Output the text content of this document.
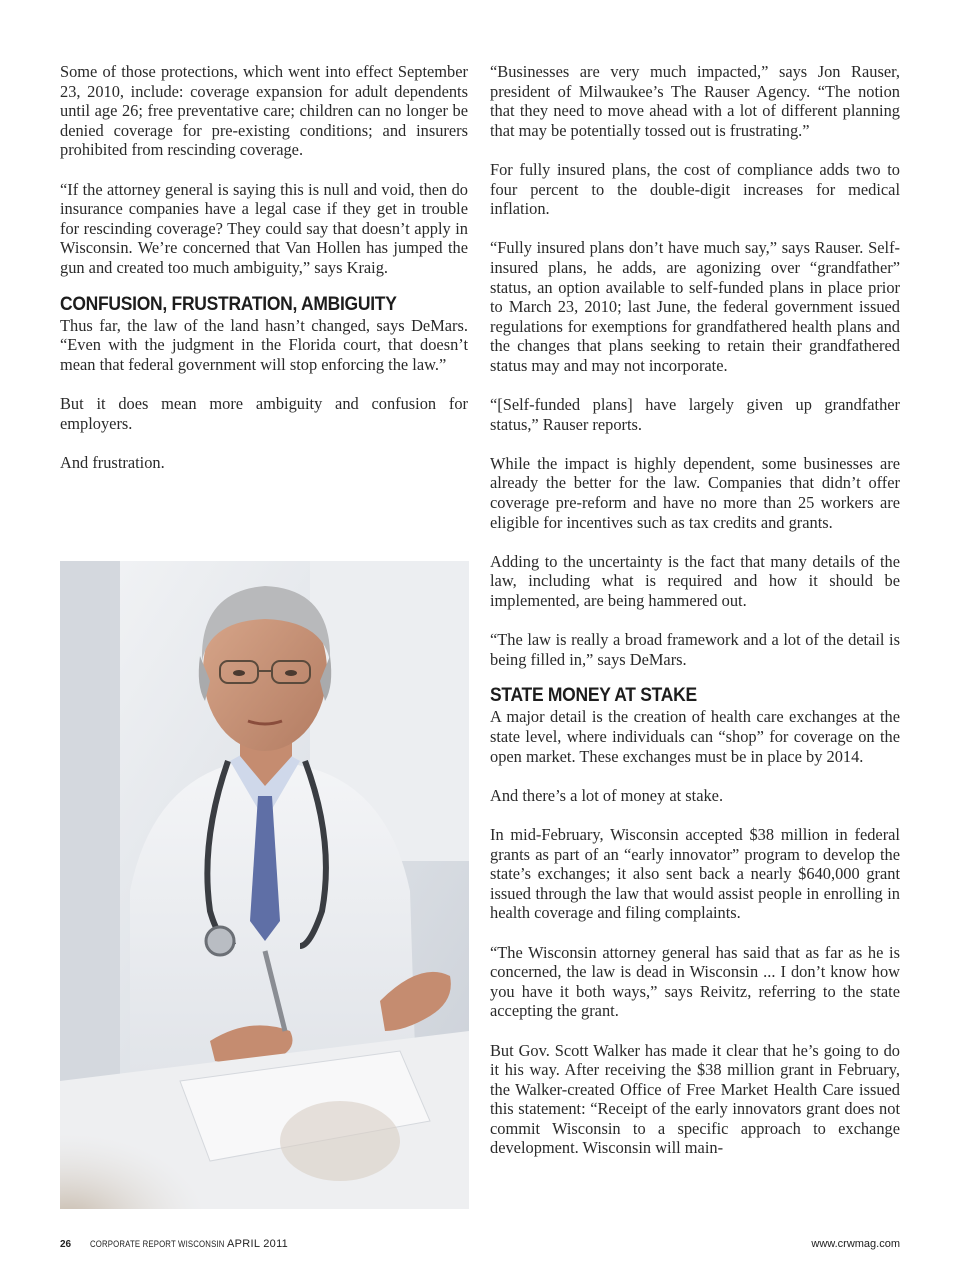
Some of those protections, which went into effect September 23, 2010, include: coverage expansion for adult dependents until age 26; free preventative care; children can no longer be denied coverage for pre-existing conditions; and insurers prohibited from rescinding coverage.

“If the attorney general is saying this is null and void, then do insurance companies have a legal case if they get in trouble for rescinding coverage? They could say that doesn’t apply in Wisconsin. We’re concerned that Van Hollen has jumped the gun and created too much ambiguity,” says Kraig.

CONFUSION, FRUSTRATION, AMBIGUITY

Thus far, the law of the land hasn’t changed, says DeMars. “Even with the judgment in the Florida court, that doesn’t mean that federal government will stop enforcing the law.”

But it does mean more ambiguity and confusion for employers.

And frustration.

“Businesses are very much impacted,” says Jon Rauser, president of Milwaukee’s The Rauser Agency. “The notion that they need to move ahead with a lot of different planning that may be potentially tossed out is frustrating.”

For fully insured plans, the cost of compliance adds two to four percent to the double-digit increases for medical inflation.

“Fully insured plans don’t have much say,” says Rauser. Self-insured plans, he adds, are agonizing over “grandfather” status, an option available to self-funded plans in place prior to March 23, 2010; last June, the federal government issued regulations for exemptions for grandfathered health plans and the changes that plans seeking to retain their grandfathered status may and may not incorporate.

“[Self-funded plans] have largely given up grandfather status,” Rauser reports.

While the impact is highly dependent, some businesses are already the better for the law. Companies that didn’t offer coverage pre-reform and have no more than 25 workers are eligible for incentives such as tax credits and grants.

Adding to the uncertainty is the fact that many details of the law, including what is required and how it should be implemented, are being hammered out.

“The law is really a broad framework and a lot of the detail is being filled in,” says DeMars.

STATE MONEY AT STAKE

A major detail is the creation of health care exchanges at the state level, where individuals can “shop” for coverage on the open market. These exchanges must be in place by 2014.

And there’s a lot of money at stake.

In mid-February, Wisconsin accepted $38 million in federal grants as part of an “early innovator” program to develop the state’s exchanges; it also sent back a nearly $640,000 grant issued through the law that would assist people in enrolling in health coverage and filing complaints.

“The Wisconsin attorney general has said that as far as he is concerned, the law is dead in Wisconsin ... I don’t know how you have it both ways,” says Reivitz, referring to the state accepting the grant.

But Gov. Scott Walker has made it clear that he’s going to do it his way. After receiving the $38 million grant in February, the Walker-created Office of Free Market Health Care issued this statement: “Receipt of the early innovators grant does not commit Wisconsin to a specific approach to exchange development. Wisconsin will main-

26 CORPORATE REPORT WISCONSIN APRIL 2011	www.crwmag.com
